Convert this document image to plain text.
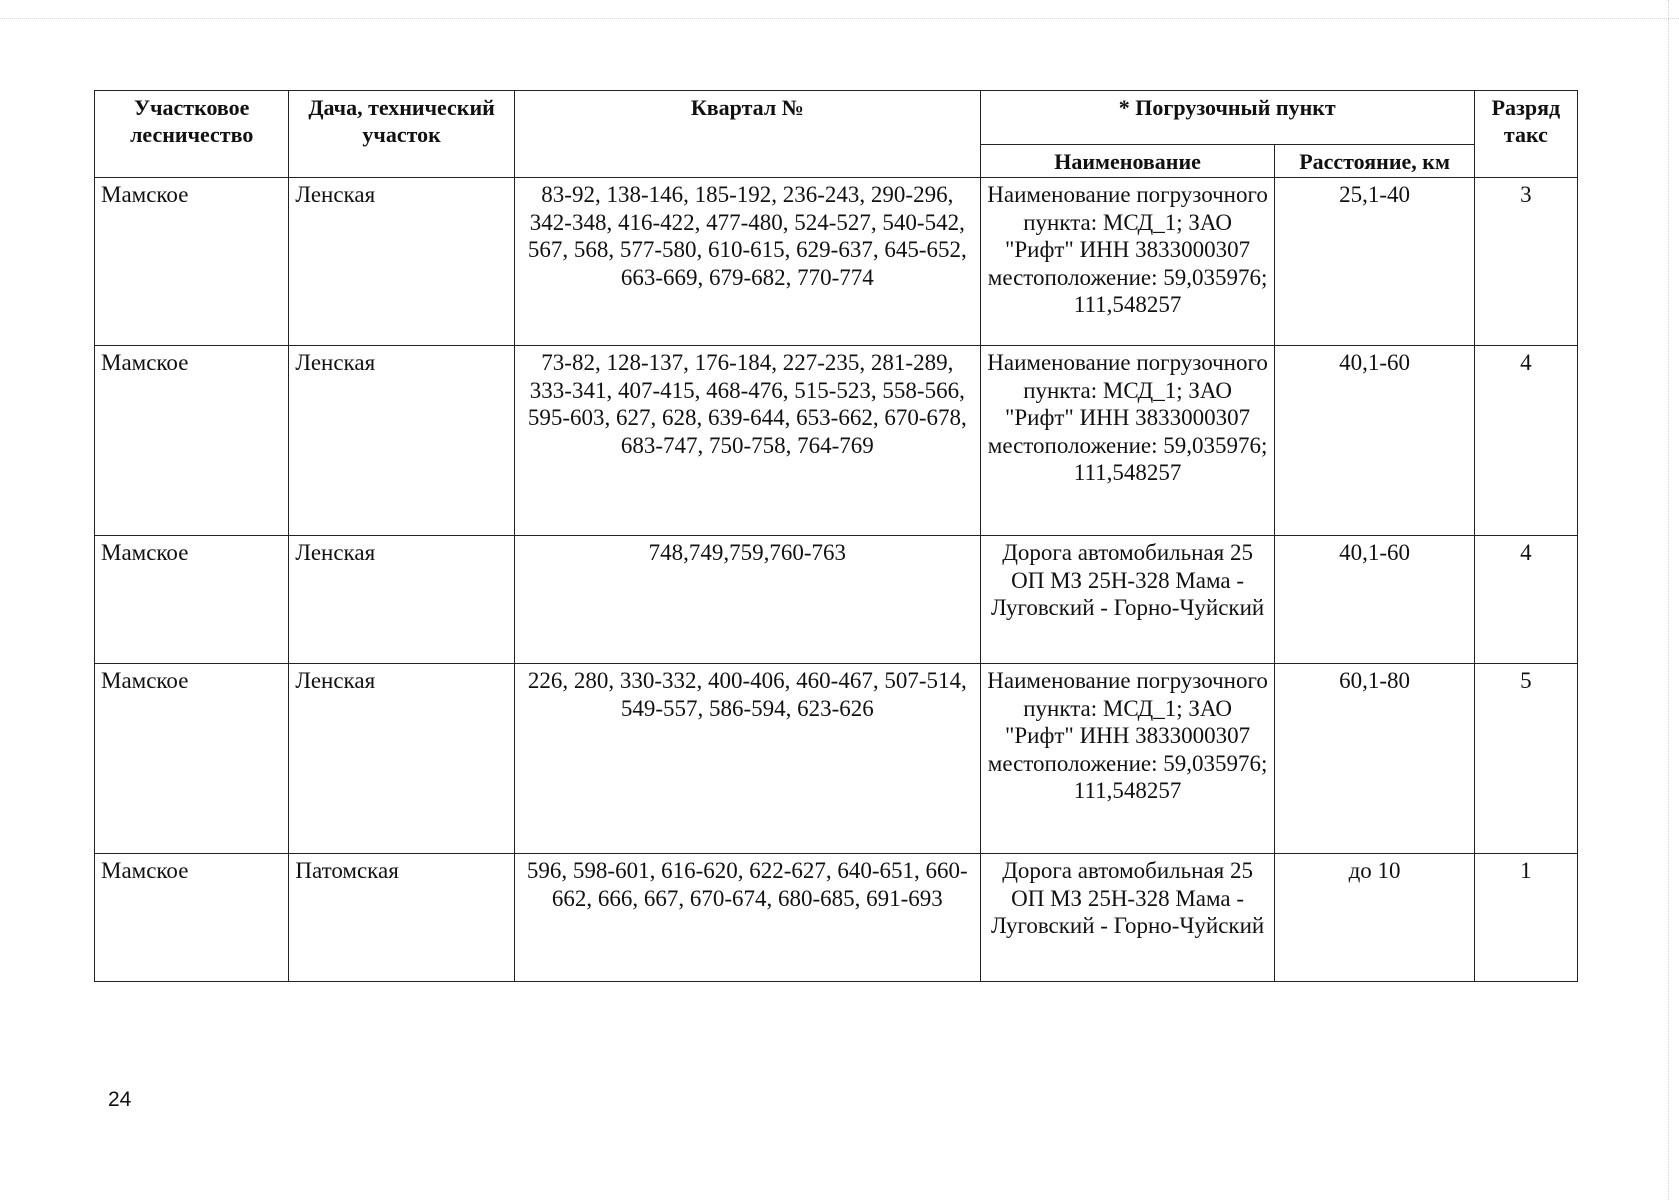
Участковое лесничество	Дача, технический участок	Квартал №	* Погрузочный пункт		Разряд такс
			Наименование	Расстояние, км	
Мамское	Ленская	83-92, 138-146, 185-192, 236-243, 290-296, 342-348, 416-422, 477-480, 524-527, 540-542, 567, 568, 577-580, 610-615, 629-637, 645-652, 663-669, 679-682, 770-774	Наименование погрузочного пункта: МСД_1; ЗАО "Рифт" ИНН 3833000307 местоположение: 59,035976; 111,548257	25,1-40	3
Мамское	Ленская	73-82, 128-137, 176-184, 227-235, 281-289, 333-341, 407-415, 468-476, 515-523, 558-566, 595-603, 627, 628, 639-644, 653-662, 670-678, 683-747, 750-758, 764-769	Наименование погрузочного пункта: МСД_1; ЗАО "Рифт" ИНН 3833000307 местоположение: 59,035976; 111,548257	40,1-60	4
Мамское	Ленская	748,749,759,760-763	Дорога автомобильная 25 ОП МЗ 25Н-328 Мама - Луговский - Горно-Чуйский	40,1-60	4
Мамское	Ленская	226, 280, 330-332, 400-406, 460-467, 507-514, 549-557, 586-594, 623-626	Наименование погрузочного пункта: МСД_1; ЗАО "Рифт" ИНН 3833000307 местоположение: 59,035976; 111,548257	60,1-80	5
Мамское	Патомская	596, 598-601, 616-620, 622-627, 640-651, 660-662, 666, 667, 670-674, 680-685, 691-693	Дорога автомобильная 25 ОП МЗ 25Н-328 Мама - Луговский - Горно-Чуйский	до 10	1
24
